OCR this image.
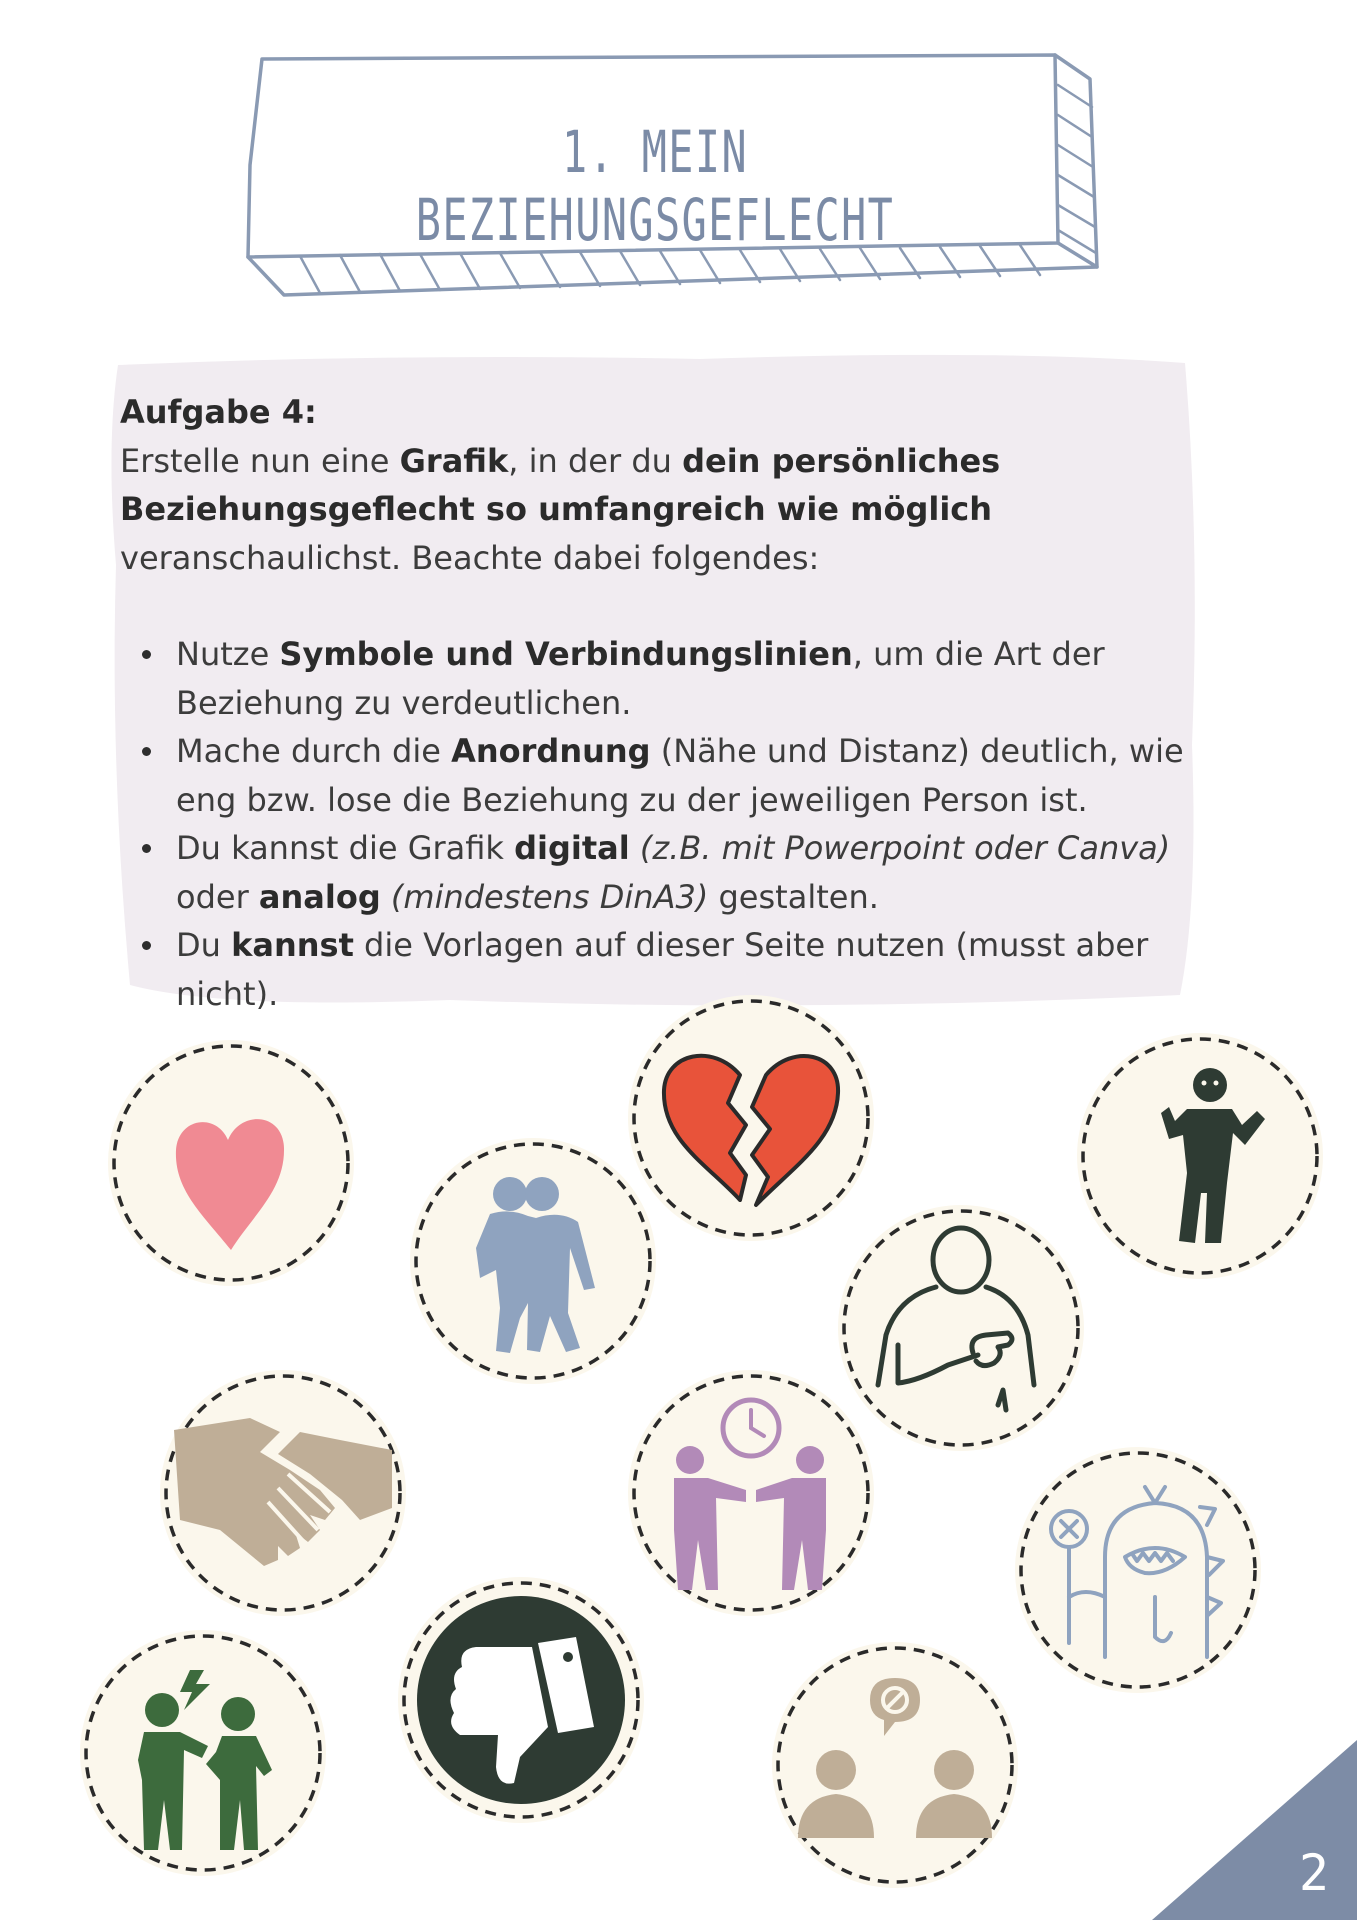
1. MEIN BEZIEHUNGSGEFLECHT

Aufgabe 4:

Erstelle nun eine Grafik, in der du dein persönliches Beziehungsgeflecht so umfangreich wie möglich veranschaulichst. Beachte dabei folgendes:

Nutze Symbole und Verbindungslinien, um die Art der Beziehung zu verdeutlichen.
Mache durch die Anordnung (Nähe und Distanz) deutlich, wie eng bzw. lose die Beziehung zu der jeweiligen Person ist.
Du kannst die Grafik digital (z.B. mit Powerpoint oder Canva) oder analog (mindestens DinA3) gestalten.
Du kannst die Vorlagen auf dieser Seite nutzen (musst aber nicht).
2
